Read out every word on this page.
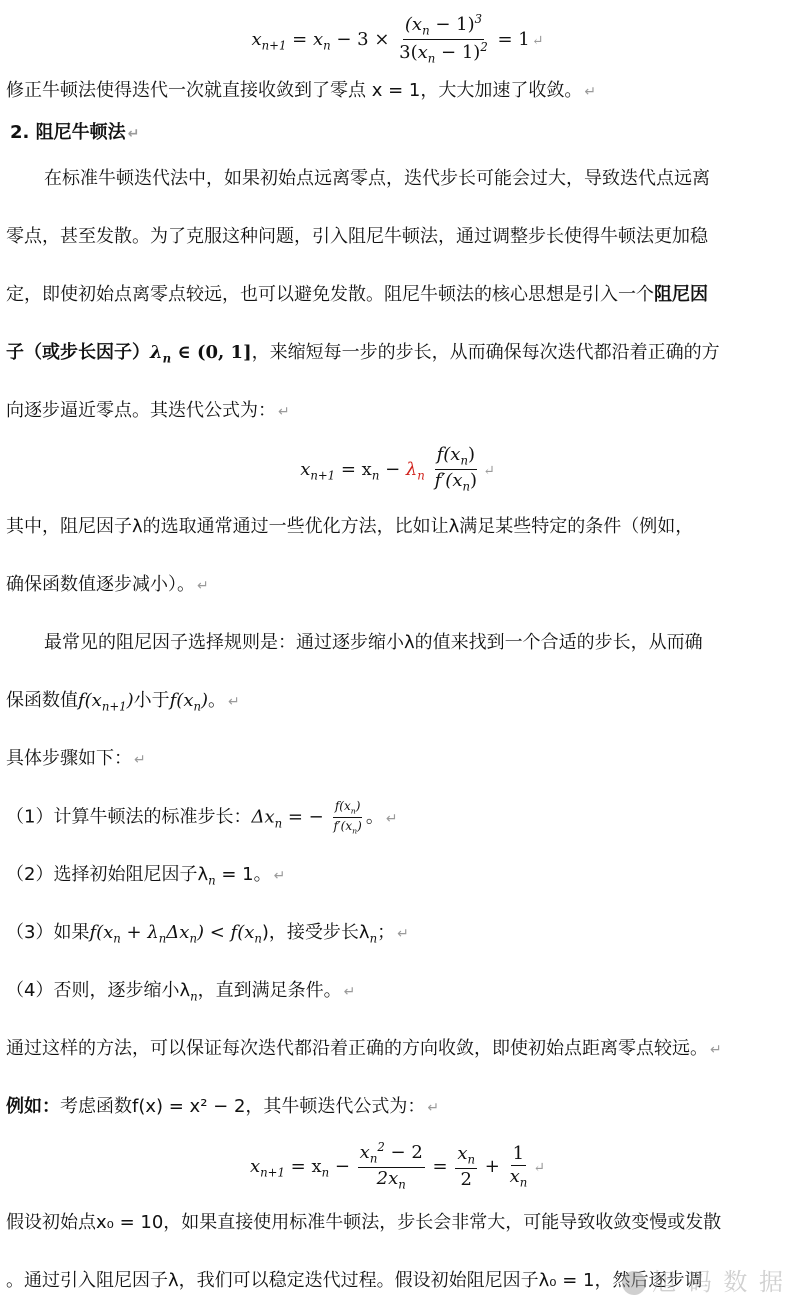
$x_{n+1} = x_n - 3 \times \frac{(x_n - 1)^3}{3(x_n - 1)^2} = 1$ ↵
修正牛顿法使得迭代一次就直接收敛到了零点 x = 1，大大加速了收敛。 ↵
2. 阻尼牛顿法 ↵
在标准牛顿迭代法中，如果初始点远离零点，迭代步长可能会过大，导致迭代点远离
零点，甚至发散。为了克服这种问题，引入阻尼牛顿法，通过调整步长使得牛顿法更加稳
定，即使初始点离零点较远，也可以避免发散。阻尼牛顿法的核心思想是引入一个阻尼因
子（或步长因子）$\lambda_n$ ∈ (0, 1]，来缩短每一步的步长，从而确保每次迭代都沿着正确的方
向逐步逼近零点。其迭代公式为： ↵
$x_{n+1} = x_n - \lambda_n \frac{f(x_n)}{f'(x_n)}$ ↵
其中，阻尼因子λ的选取通常通过一些优化方法，比如让λ满足某些特定的条件（例如，
确保函数值逐步减小）。 ↵
最常见的阻尼因子选择规则是：通过逐步缩小λ的值来找到一个合适的步长，从而确
保函数值$f(x_{n+1})$小于$f(x_n)$。 ↵
具体步骤如下： ↵
（1）计算牛顿法的标准步长：$\Delta x_n$ = − $\frac{f(x_n)}{f'(x_n)}$ 。 ↵
（2）选择初始阻尼因子$\lambda_n = 1$。 ↵
（3）如果$f(x_n + \lambda_n\Delta x_n) < f(x_n)$，接受步长$\lambda_n$； ↵
（4）否则，逐步缩小$\lambda_n$，直到满足条件。 ↵
通过这样的方法，可以保证每次迭代都沿着正确的方向收敛，即使初始点距离零点较远。 ↵
例如：考虑函数f(x) = x² − 2，其牛顿迭代公式为： ↵
$x_{n+1} = x_n - \frac{x_n^2 - 2}{2x_n} = \frac{x_n}{2} + \frac{1}{x_n}$ ↵
假设初始点x₀ = 10，如果直接使用标准牛顿法，步长会非常大，可能导致收敛变慢或发散
。通过引入阻尼因子λ，我们可以稳定迭代过程。假设初始阻尼因子λ₀ = 1，然后逐步调
旭 码 数 据
